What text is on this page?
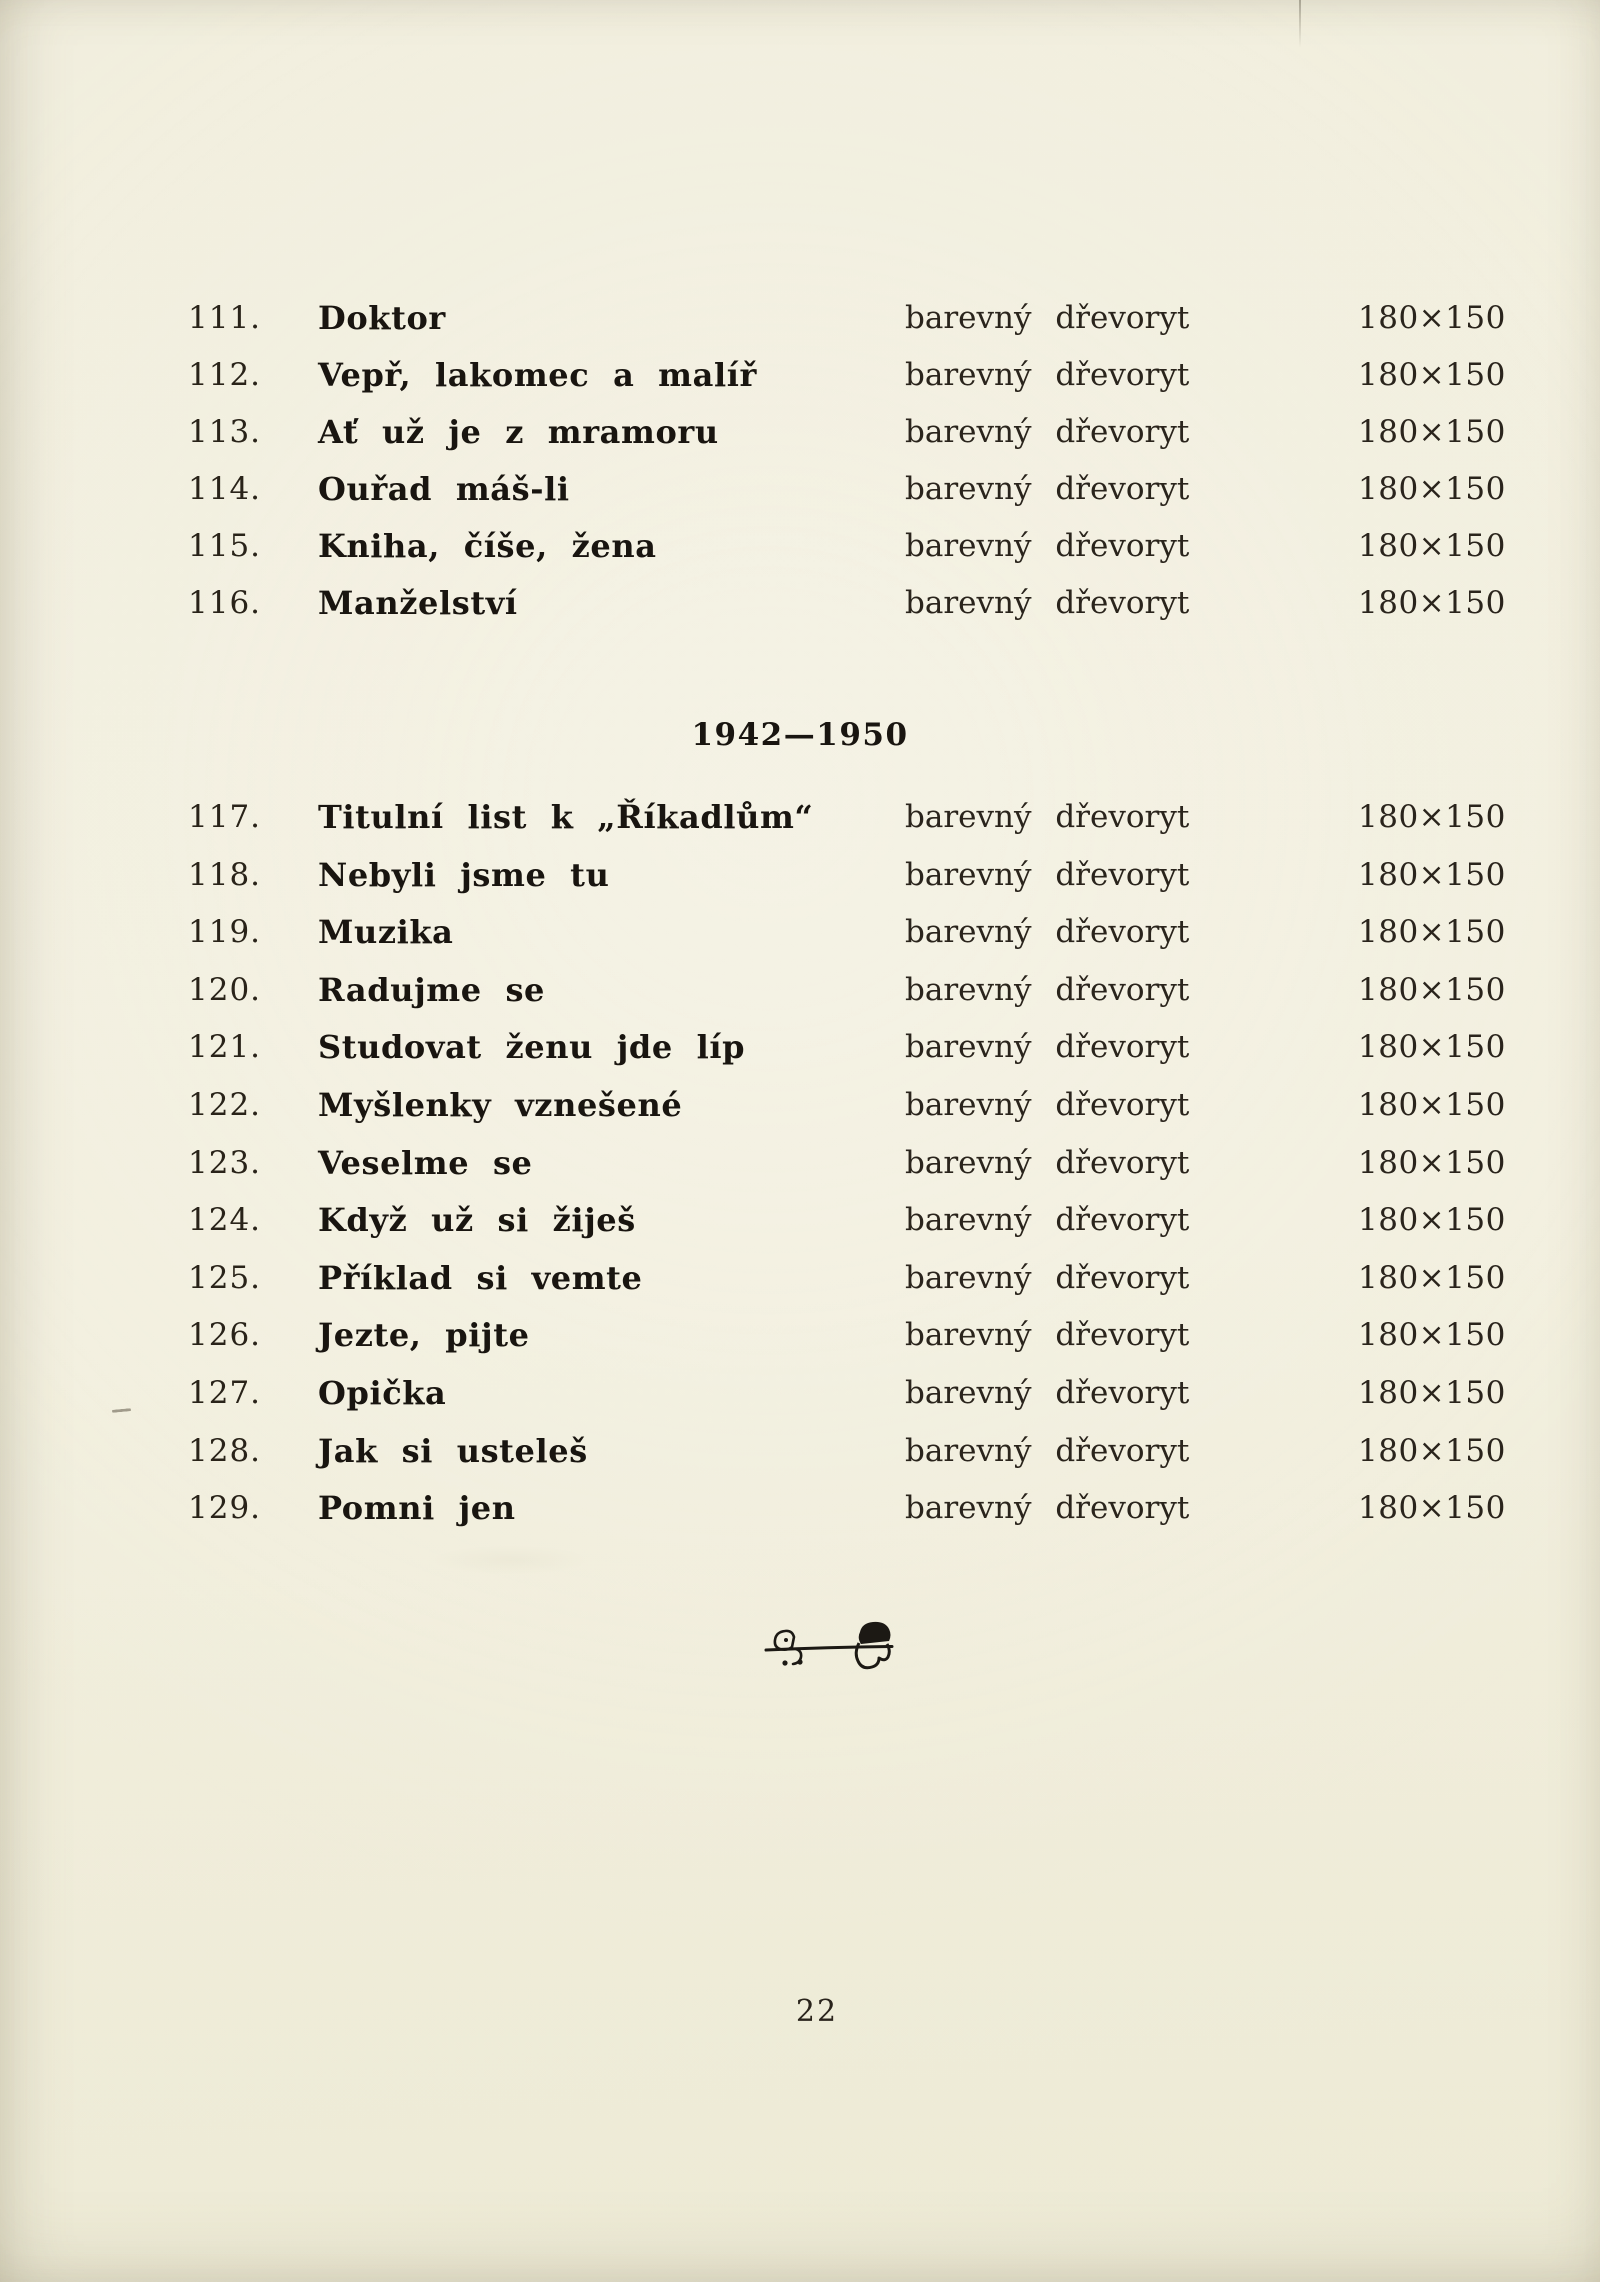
111. Doktor	barevný dřevoryt	180×150
112. Vepř, lakomec a malíř	barevný dřevoryt	180×150
113. Ať už je z mramoru	barevný dřevoryt	180×150
114. Ouřad máš-li	barevný dřevoryt	180×150
115. Kniha, číše, žena	barevný dřevoryt	180×150
116. Manželství	barevný dřevoryt	180×150
1942—1950
117. Titulní list k „Říkadlům“	barevný dřevoryt	180×150
118. Nebyli jsme tu	barevný dřevoryt	180×150
119. Muzika	barevný dřevoryt	180×150
120. Radujme se	barevný dřevoryt	180×150
121. Studovat ženu jde líp	barevný dřevoryt	180×150
122. Myšlenky vznešené	barevný dřevoryt	180×150
123. Veselme se	barevný dřevoryt	180×150
124. Když už si žiješ	barevný dřevoryt	180×150
125. Příklad si vemte	barevný dřevoryt	180×150
126. Jezte, pijte	barevný dřevoryt	180×150
127. Opička	barevný dřevoryt	180×150
128. Jak si usteleš	barevný dřevoryt	180×150
129. Pomni jen	barevný dřevoryt	180×150
22
